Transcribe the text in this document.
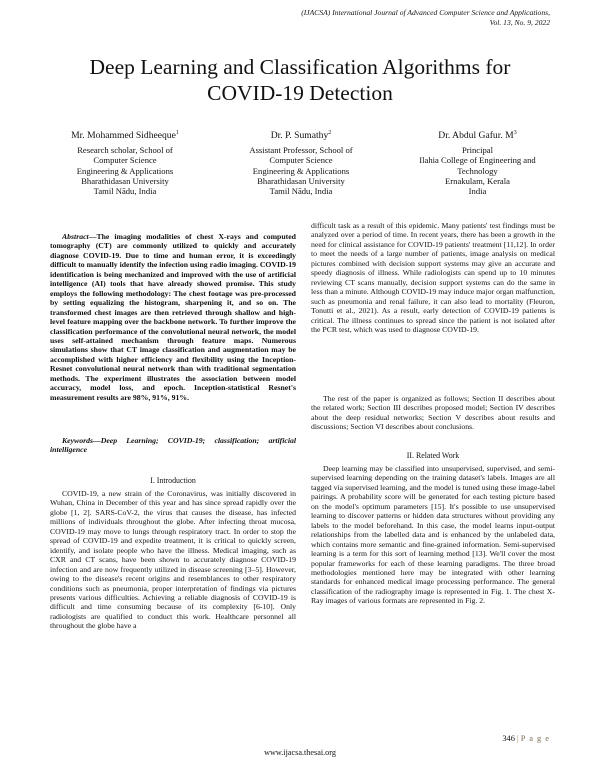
(IJACSA) International Journal of Advanced Computer Science and Applications,
Vol. 13, No. 9, 2022
Deep Learning and Classification Algorithms for
COVID-19 Detection
Mr. Mohammed Sidheeque$^1$
Research scholar, School of
Computer Science
Engineering & Applications
Bharathidasan University
Tamil Nādu, India
Dr. P. Sumathy$^2$
Assistant Professor, School of
Computer Science
Engineering & Applications
Bharathidasan University
Tamil Nādu, India
Dr. Abdul Gafur. $M^3$
Principal
Ilahia College of Engineering and
Technology
Ernakulam, Kerala
India

Abstract—The imaging modalities of chest X-rays and computed tomography (CT) are commonly utilized to quickly and accurately diagnose COVID-19. Due to time and human error, it is exceedingly difficult to manually identify the infection using radio imaging. COVID-19 identification is being mechanized and improved with the use of artificial intelligence (AI) tools that have already showed promise. This study employs the following methodology: The chest footage was pre-processed by setting equalizing the histogram, sharpening it, and so on. The transformed chest images are then retrieved through shallow and high-level feature mapping over the backbone network. To further improve the classification performance of the convolutional neural network, the model uses self-attained mechanism through feature maps. Numerous simulations show that CT image classification and augmentation may be accomplished with higher efficiency and flexibility using the Inception-Resnet convolutional neural network than with traditional segmentation methods. The experiment illustrates the association between model accuracy, model loss, and epoch. Inception-statistical Resnet's measurement results are 98%, 91%, 91%.

Keywords—Deep Learning; COVID-19; classification; artificial intelligence

I. Introduction

COVID-19, a new strain of the Coronavirus, was initially discovered in Wuhan, China in December of this year and has since spread rapidly over the globe [1, 2]. SARS-CoV-2, the virus that causes the disease, has infected millions of individuals throughout the globe. After infecting throat mucosa, COVID-19 may move to lungs through respiratory tract. In order to stop the spread of COVID-19 and expedite treatment, it is critical to quickly screen, identify, and isolate people who have the illness. Medical imaging, such as CXR and CT scans, have been shown to accurately diagnose COVID-19 infection and are now frequently utilized in disease screening [3–5]. However, owing to the disease's recent origins and resemblances to other respiratory conditions such as pneumonia, proper interpretation of findings via pictures presents various difficulties. Achieving a reliable diagnosis of COVID-19 is difficult and time consuming because of its complexity [6-10]. Only radiologists are qualified to conduct this work. Healthcare personnel all throughout the globe have a

difficult task as a result of this epidemic. Many patients' test findings must be analyzed over a period of time. In recent years, there has been a growth in the need for clinical assistance for COVID-19 patients' treatment [11,12]. In order to meet the needs of a large number of patients, image analysis on medical pictures combined with decision support systems may give an accurate and speedy diagnosis of illness. While radiologists can spend up to 10 minutes reviewing CT scans manually, decision support systems can do the same in less than a minute. Although COVID-19 may induce major organ malfunction, such as pneumonia and renal failure, it can also lead to mortality (Fleuron, Tonutti et al., 2021). As a result, early detection of COVID-19 patients is critical. The illness continues to spread since the patient is not isolated after the PCR test, which was used to diagnose COVID-19.

The rest of the paper is organized as follows; Section II describes about the related work; Section III describes proposed model; Section IV describes about the deep residual networks; Section V describes about results and discussions; Section VI describes about conclusions.

II. Related Work

Deep learning may be classified into unsupervised, supervised, and semi-supervised learning depending on the training dataset's labels. Images are all tagged via supervised learning, and the model is tuned using these image-label pairings. A probability score will be generated for each testing picture based on the model's optimum parameters [15]. It's possible to use unsupervised learning to discover patterns or hidden data structures without providing any labels to the model beforehand. In this case, the model learns input-output relationships from the labelled data and is enhanced by the unlabeled data, which contains more semantic and fine-grained information. Semi-supervised learning is a term for this sort of learning method [13]. We'll cover the most popular frameworks for each of these learning paradigms. The three broad methodologies mentioned here may be integrated with other learning standards for enhanced medical image processing performance. The general classification of the radiography image is represented in Fig. 1. The chest X-Ray images of various formats are represented in Fig. 2.

346 | P a g e
www.ijacsa.thesai.org
